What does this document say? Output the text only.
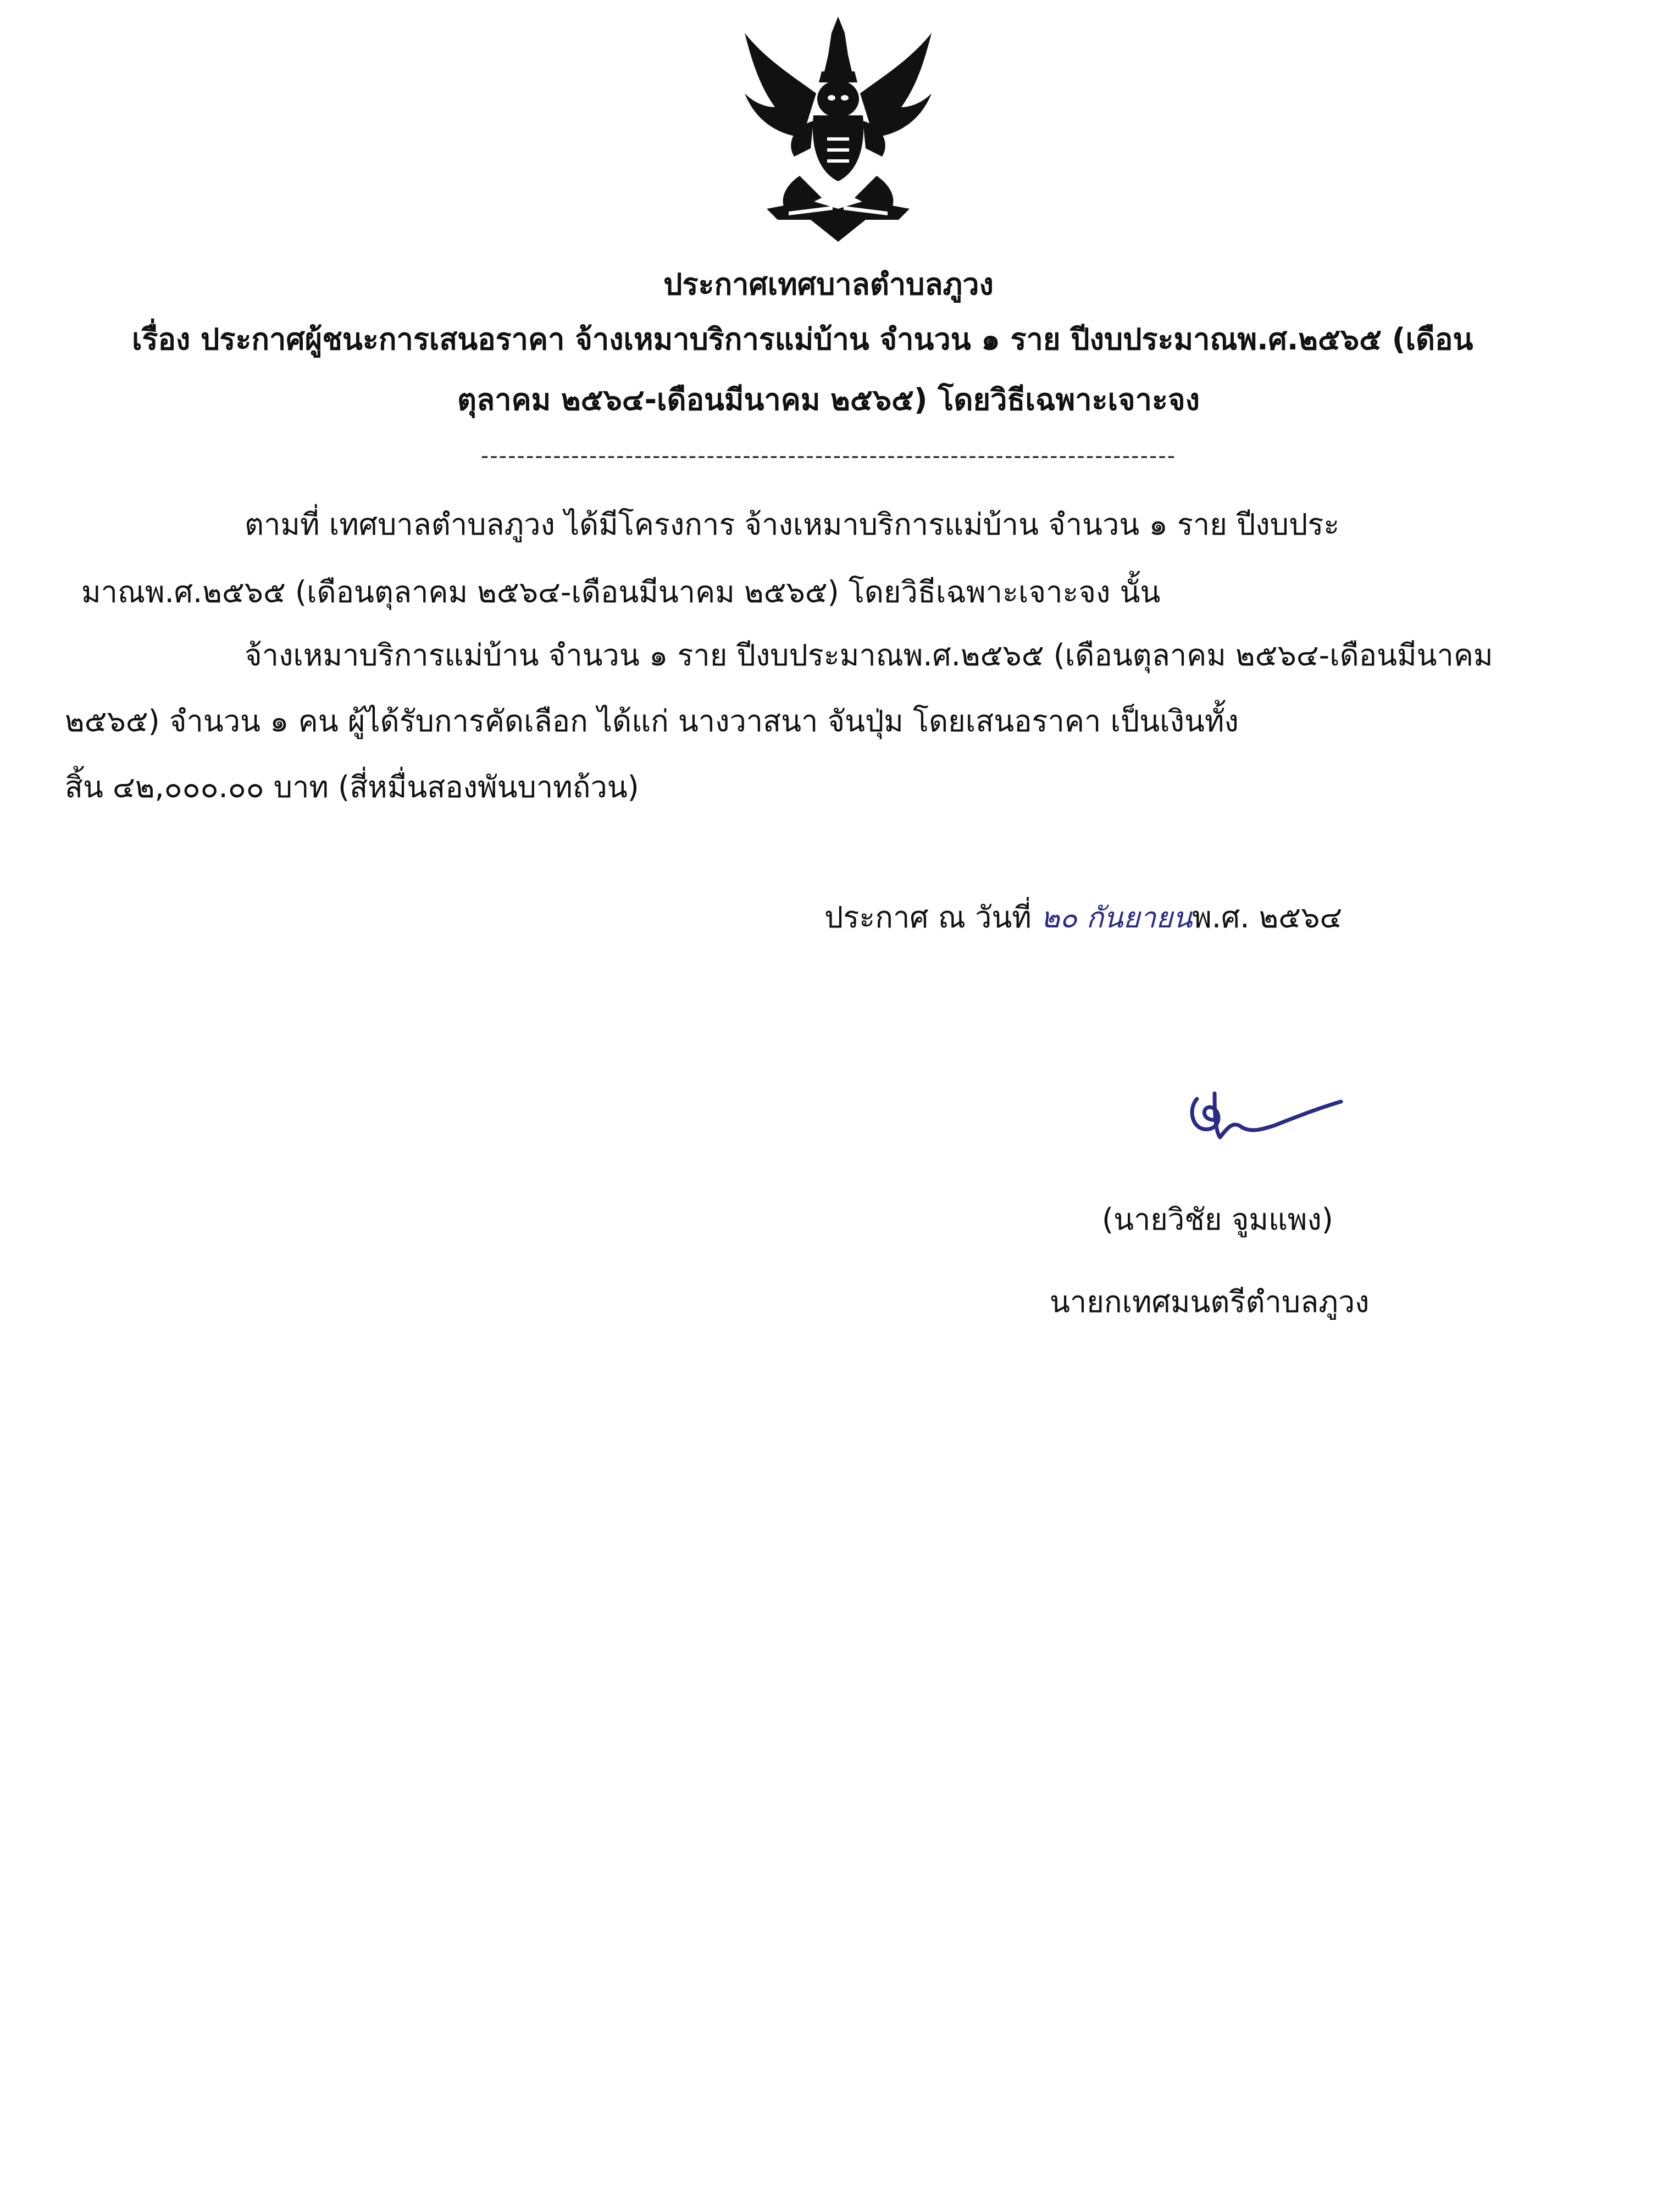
ประกาศเทศบาลตำบลภูวง
เรื่อง ประกาศผู้ชนะการเสนอราคา จ้างเหมาบริการแม่บ้าน จำนวน ๑ ราย ปีงบประมาณพ.ศ.๒๕๖๕ (เดือน
ตุลาคม ๒๕๖๔-เดือนมีนาคม ๒๕๖๕) โดยวิธีเฉพาะเจาะจง
-----------------------------------------------------------------------------
ตามที่ เทศบาลตำบลภูวง ได้มีโครงการ จ้างเหมาบริการแม่บ้าน จำนวน ๑ ราย ปีงบประ
มาณพ.ศ.๒๕๖๕ (เดือนตุลาคม ๒๕๖๔-เดือนมีนาคม ๒๕๖๕) โดยวิธีเฉพาะเจาะจง นั้น
จ้างเหมาบริการแม่บ้าน จำนวน ๑ ราย ปีงบประมาณพ.ศ.๒๕๖๕ (เดือนตุลาคม ๒๕๖๔-เดือนมีนาคม
๒๕๖๕) จำนวน ๑ คน ผู้ได้รับการคัดเลือก ได้แก่ นางวาสนา จันปุ่ม โดยเสนอราคา เป็นเงินทั้ง
สิ้น ๔๒,๐๐๐.๐๐ บาท (สี่หมื่นสองพันบาทถ้วน)
ประกาศ ณ วันที่ ๒๐ กันยายนพ.ศ. ๒๕๖๔
(นายวิชัย จูมแพง)
นายกเทศมนตรีตำบลภูวง
